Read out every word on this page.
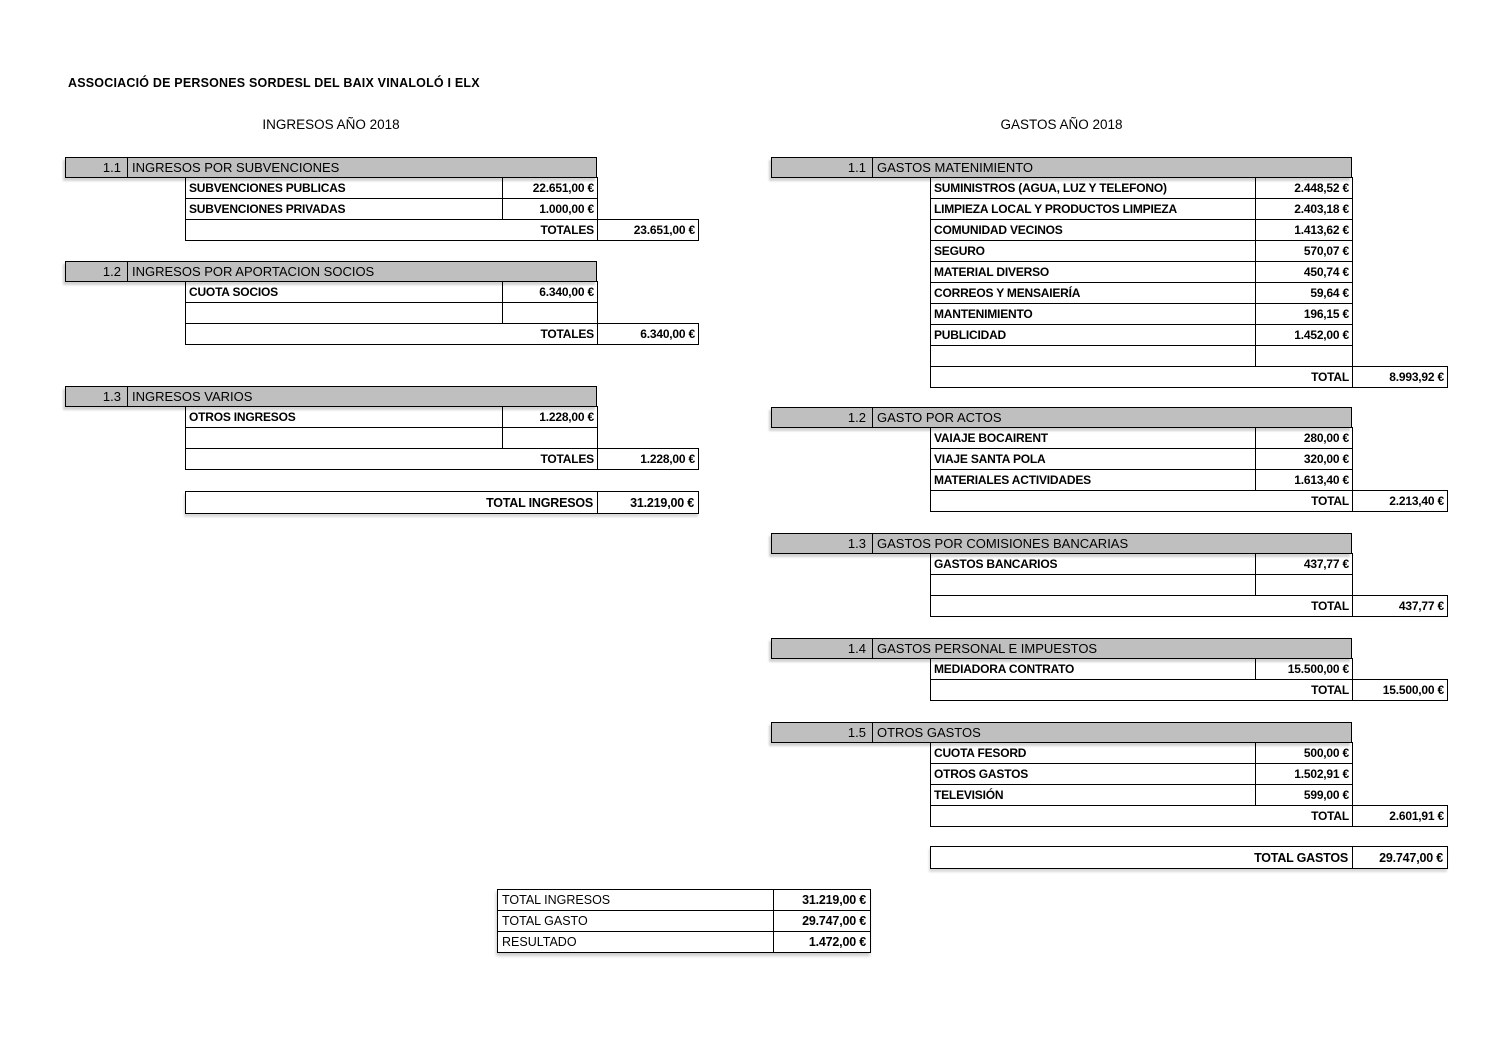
ASSOCIACIÓ DE PERSONES SORDESL DEL BAIX VINALOLÓ I ELX
INGRESOS AÑO 2018	GASTOS AÑO 2018
TOTAL INGRESOS	31.219,00 €
TOTAL GASTOS	29.747,00 €
TOTAL INGRESOS	31.219,00 €
TOTAL GASTO	29.747,00 €
RESULTADO	1.472,00 €
1.1 INGRESOS POR SUBVENCIONES
SUBVENCIONES PUBLICAS	22.651,00 €	
SUBVENCIONES PRIVADAS	1.000,00 €	
TOTALES		23.651,00 €
1.2 INGRESOS POR APORTACION SOCIOS
CUOTA SOCIOS	6.340,00 €	

TOTALES		6.340,00 €
1.3 INGRESOS VARIOS
OTROS INGRESOS	1.228,00 €	

TOTALES		1.228,00 €
1.1 GASTOS MATENIMIENTO
SUMINISTROS (AGUA, LUZ Y TELEFONO)	2.448,52 €	
LIMPIEZA LOCAL Y PRODUCTOS LIMPIEZA	2.403,18 €	
COMUNIDAD VECINOS	1.413,62 €	
SEGURO	570,07 €	
MATERIAL DIVERSO	450,74 €	
CORREOS Y MENSAIERÍA	59,64 €	
MANTENIMIENTO	196,15 €	
PUBLICIDAD	1.452,00 €	

TOTAL		8.993,92 €
1.2 GASTO POR ACTOS
VAIAJE BOCAIRENT	280,00 €	
VIAJE SANTA POLA	320,00 €	
MATERIALES ACTIVIDADES	1.613,40 €	
TOTAL		2.213,40 €
1.3 GASTOS POR COMISIONES BANCARIAS
GASTOS BANCARIOS	437,77 €	

TOTAL		437,77 €
1.4 GASTOS PERSONAL E IMPUESTOS
MEDIADORA CONTRATO	15.500,00 €	
TOTAL		15.500,00 €
1.5 OTROS GASTOS
CUOTA FESORD	500,00 €	
OTROS GASTOS	1.502,91 €	
TELEVISIÓN	599,00 €	
TOTAL		2.601,91 €
